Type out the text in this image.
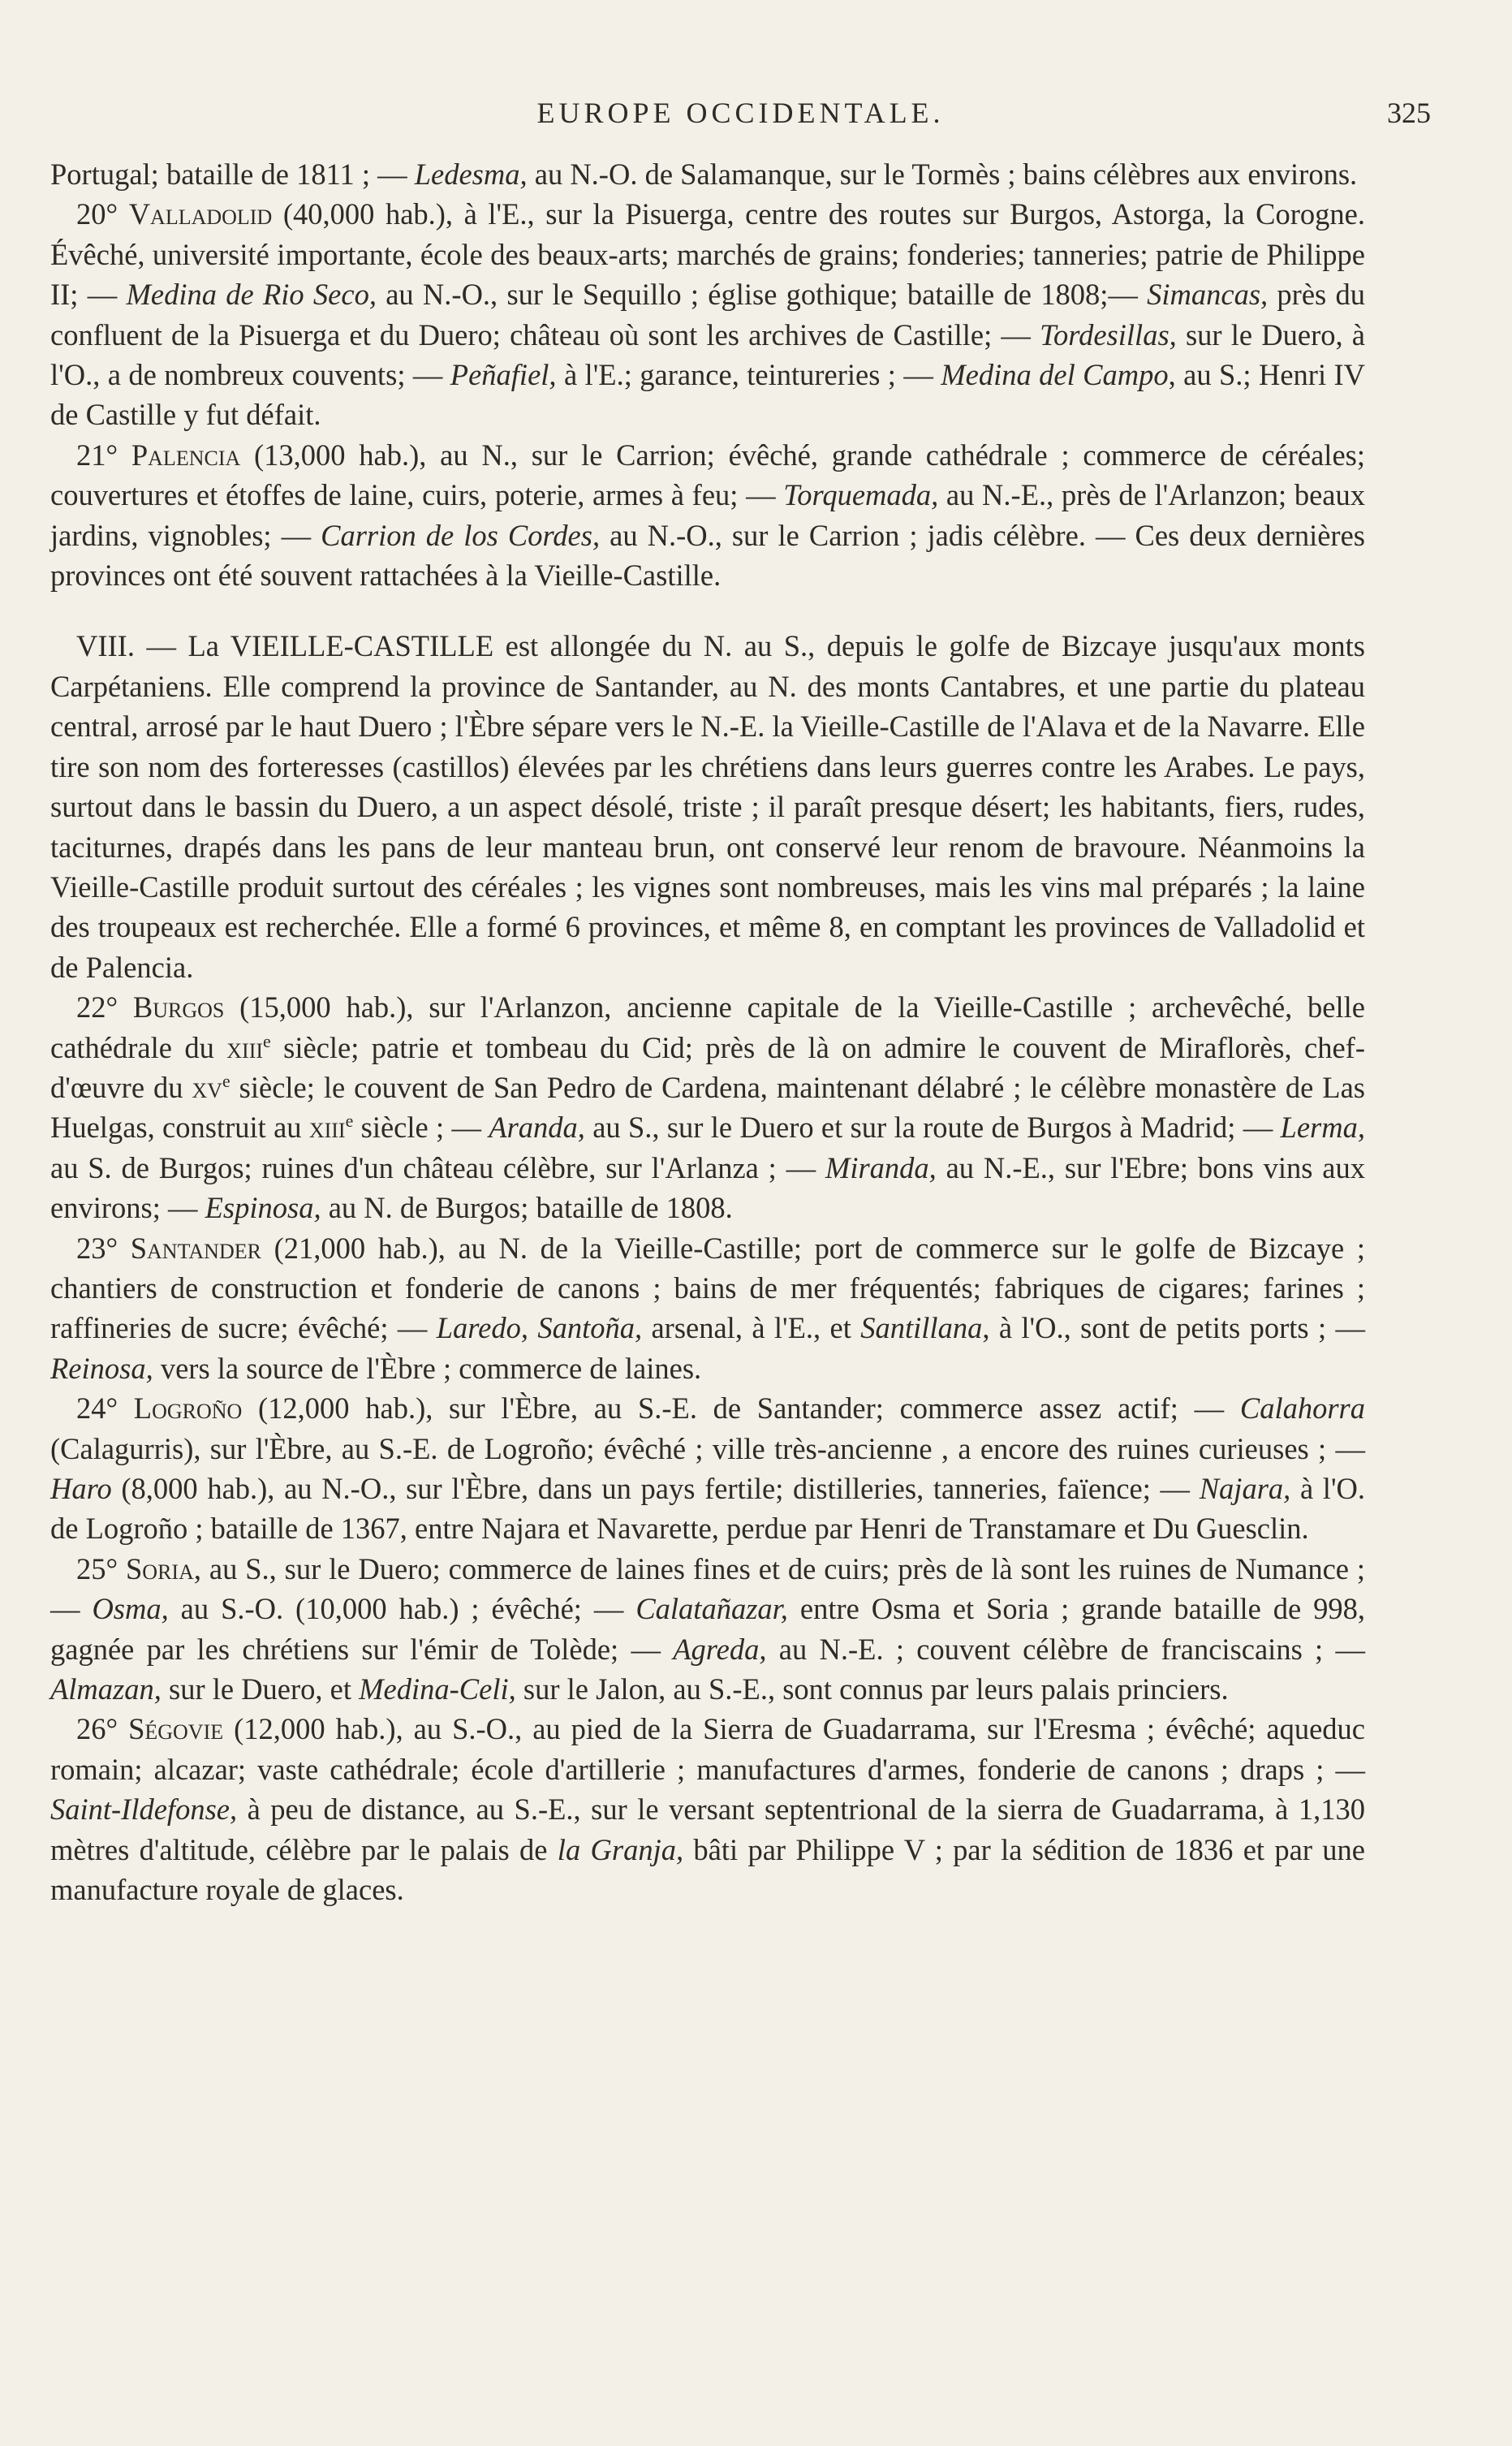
EUROPE OCCIDENTALE.	325

Portugal; bataille de 1811 ; — Ledesma, au N.-O. de Salamanque, sur le Tormès ; bains célèbres aux environs.

20° Valladolid (40,000 hab.), à l'E., sur la Pisuerga, centre des routes sur Burgos, Astorga, la Corogne. Évêché, université importante, école des beaux-arts; marchés de grains; fonderies; tanneries; patrie de Philippe II; — Medina de Rio Seco, au N.-O., sur le Sequillo ; église gothique; bataille de 1808;— Simancas, près du confluent de la Pisuerga et du Duero; château où sont les archives de Castille; — Tordesillas, sur le Duero, à l'O., a de nombreux couvents; — Peñafiel, à l'E.; garance, teintureries ; — Medina del Campo, au S.; Henri IV de Castille y fut défait.

21° Palencia (13,000 hab.), au N., sur le Carrion; évêché, grande cathédrale ; commerce de céréales; couvertures et étoffes de laine, cuirs, poterie, armes à feu; — Torquemada, au N.-E., près de l'Arlanzon; beaux jardins, vignobles; — Carrion de los Cordes, au N.-O., sur le Carrion ; jadis célèbre. — Ces deux dernières provinces ont été souvent rattachées à la Vieille-Castille.

VIII. — La VIEILLE-CASTILLE est allongée du N. au S., depuis le golfe de Bizcaye jusqu'aux monts Carpétaniens. Elle comprend la province de Santander, au N. des monts Cantabres, et une partie du plateau central, arrosé par le haut Duero ; l'Èbre sépare vers le N.-E. la Vieille-Castille de l'Alava et de la Navarre. Elle tire son nom des forteresses (castillos) élevées par les chrétiens dans leurs guerres contre les Arabes. Le pays, surtout dans le bassin du Duero, a un aspect désolé, triste ; il paraît presque désert; les habitants, fiers, rudes, taciturnes, drapés dans les pans de leur manteau brun, ont conservé leur renom de bravoure. Néanmoins la Vieille-Castille produit surtout des céréales ; les vignes sont nombreuses, mais les vins mal préparés ; la laine des troupeaux est recherchée. Elle a formé 6 provinces, et même 8, en comptant les provinces de Valladolid et de Palencia.

22° Burgos (15,000 hab.), sur l'Arlanzon, ancienne capitale de la Vieille-Castille ; archevêché, belle cathédrale du xiii$^e$ siècle; patrie et tombeau du Cid; près de là on admire le couvent de Miraflorès, chef-d'œuvre du $xv^e$ siècle; le couvent de San Pedro de Cardena, maintenant délabré ; le célèbre monastère de Las Huelgas, construit au xiii$^e$ siècle ; — Aranda, au S., sur le Duero et sur la route de Burgos à Madrid; — Lerma, au S. de Burgos; ruines d'un château célèbre, sur l'Arlanza ; — Miranda, au N.-E., sur l'Ebre; bons vins aux environs; — Espinosa, au N. de Burgos; bataille de 1808.

23° Santander (21,000 hab.), au N. de la Vieille-Castille; port de commerce sur le golfe de Bizcaye ; chantiers de construction et fonderie de canons ; bains de mer fréquentés; fabriques de cigares; farines ; raffineries de sucre; évêché; — Laredo, Santoña, arsenal, à l'E., et Santillana, à l'O., sont de petits ports ; — Reinosa, vers la source de l'Èbre ; commerce de laines.

24° Logroño (12,000 hab.), sur l'Èbre, au S.-E. de Santander; commerce assez actif; — Calahorra (Calagurris), sur l'Èbre, au S.-E. de Logroño; évêché ; ville très-ancienne , a encore des ruines curieuses ; — Haro (8,000 hab.), au N.-O., sur l'Èbre, dans un pays fertile; distilleries, tanneries, faïence; — Najara, à l'O. de Logroño ; bataille de 1367, entre Najara et Navarette, perdue par Henri de Transtamare et Du Guesclin.

25° Soria, au S., sur le Duero; commerce de laines fines et de cuirs; près de là sont les ruines de Numance ; — Osma, au S.-O. (10,000 hab.) ; évêché; — Calatañazar, entre Osma et Soria ; grande bataille de 998, gagnée par les chrétiens sur l'émir de Tolède; — Agreda, au N.-E. ; couvent célèbre de franciscains ; — Almazan, sur le Duero, et Medina-Celi, sur le Jalon, au S.-E., sont connus par leurs palais princiers.

26° Ségovie (12,000 hab.), au S.-O., au pied de la Sierra de Guadarrama, sur l'Eresma ; évêché; aqueduc romain; alcazar; vaste cathédrale; école d'artillerie ; manufactures d'armes, fonderie de canons ; draps ; — Saint-Ildefonse, à peu de distance, au S.-E., sur le versant septentrional de la sierra de Guadarrama, à 1,130 mètres d'altitude, célèbre par le palais de la Granja, bâti par Philippe V ; par la sédition de 1836 et par une manufacture royale de glaces.
